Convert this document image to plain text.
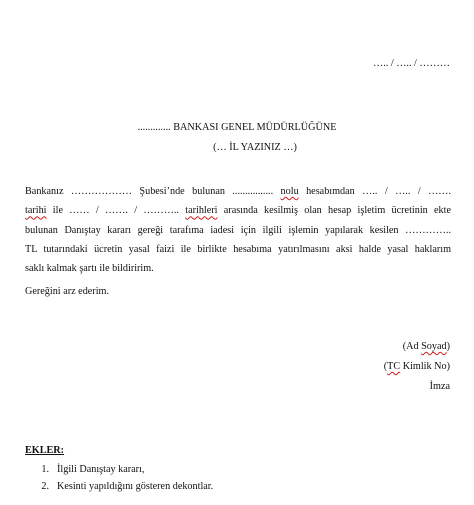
….. / ….. / ………
............. BANKASI GENEL MÜDÜRLÜĞÜNE
(… İL YAZINIZ …)
Bankanız ……………… Şubesi’nde bulunan ................ nolu hesabımdan ….. / ….. / …….
tarihi ile …… / ……. / ……….. tarihleri arasında kesilmiş olan hesap işletim ücretinin ekte
bulunan Danıştay kararı gereği tarafıma iadesi için ilgili işlemin yapılarak kesilen …………..
TL tutarındaki ücretin yasal faizi ile birlikte hesabıma yatırılmasını aksi halde yasal haklarım
saklı kalmak şartı ile bildiririm.
Gereğini arz ederim.
(Ad Soyad)
(TC Kimlik No)
İmza
EKLER:
1. İlgili Danıştay kararı,
2. Kesinti yapıldığını gösteren dekontlar.
